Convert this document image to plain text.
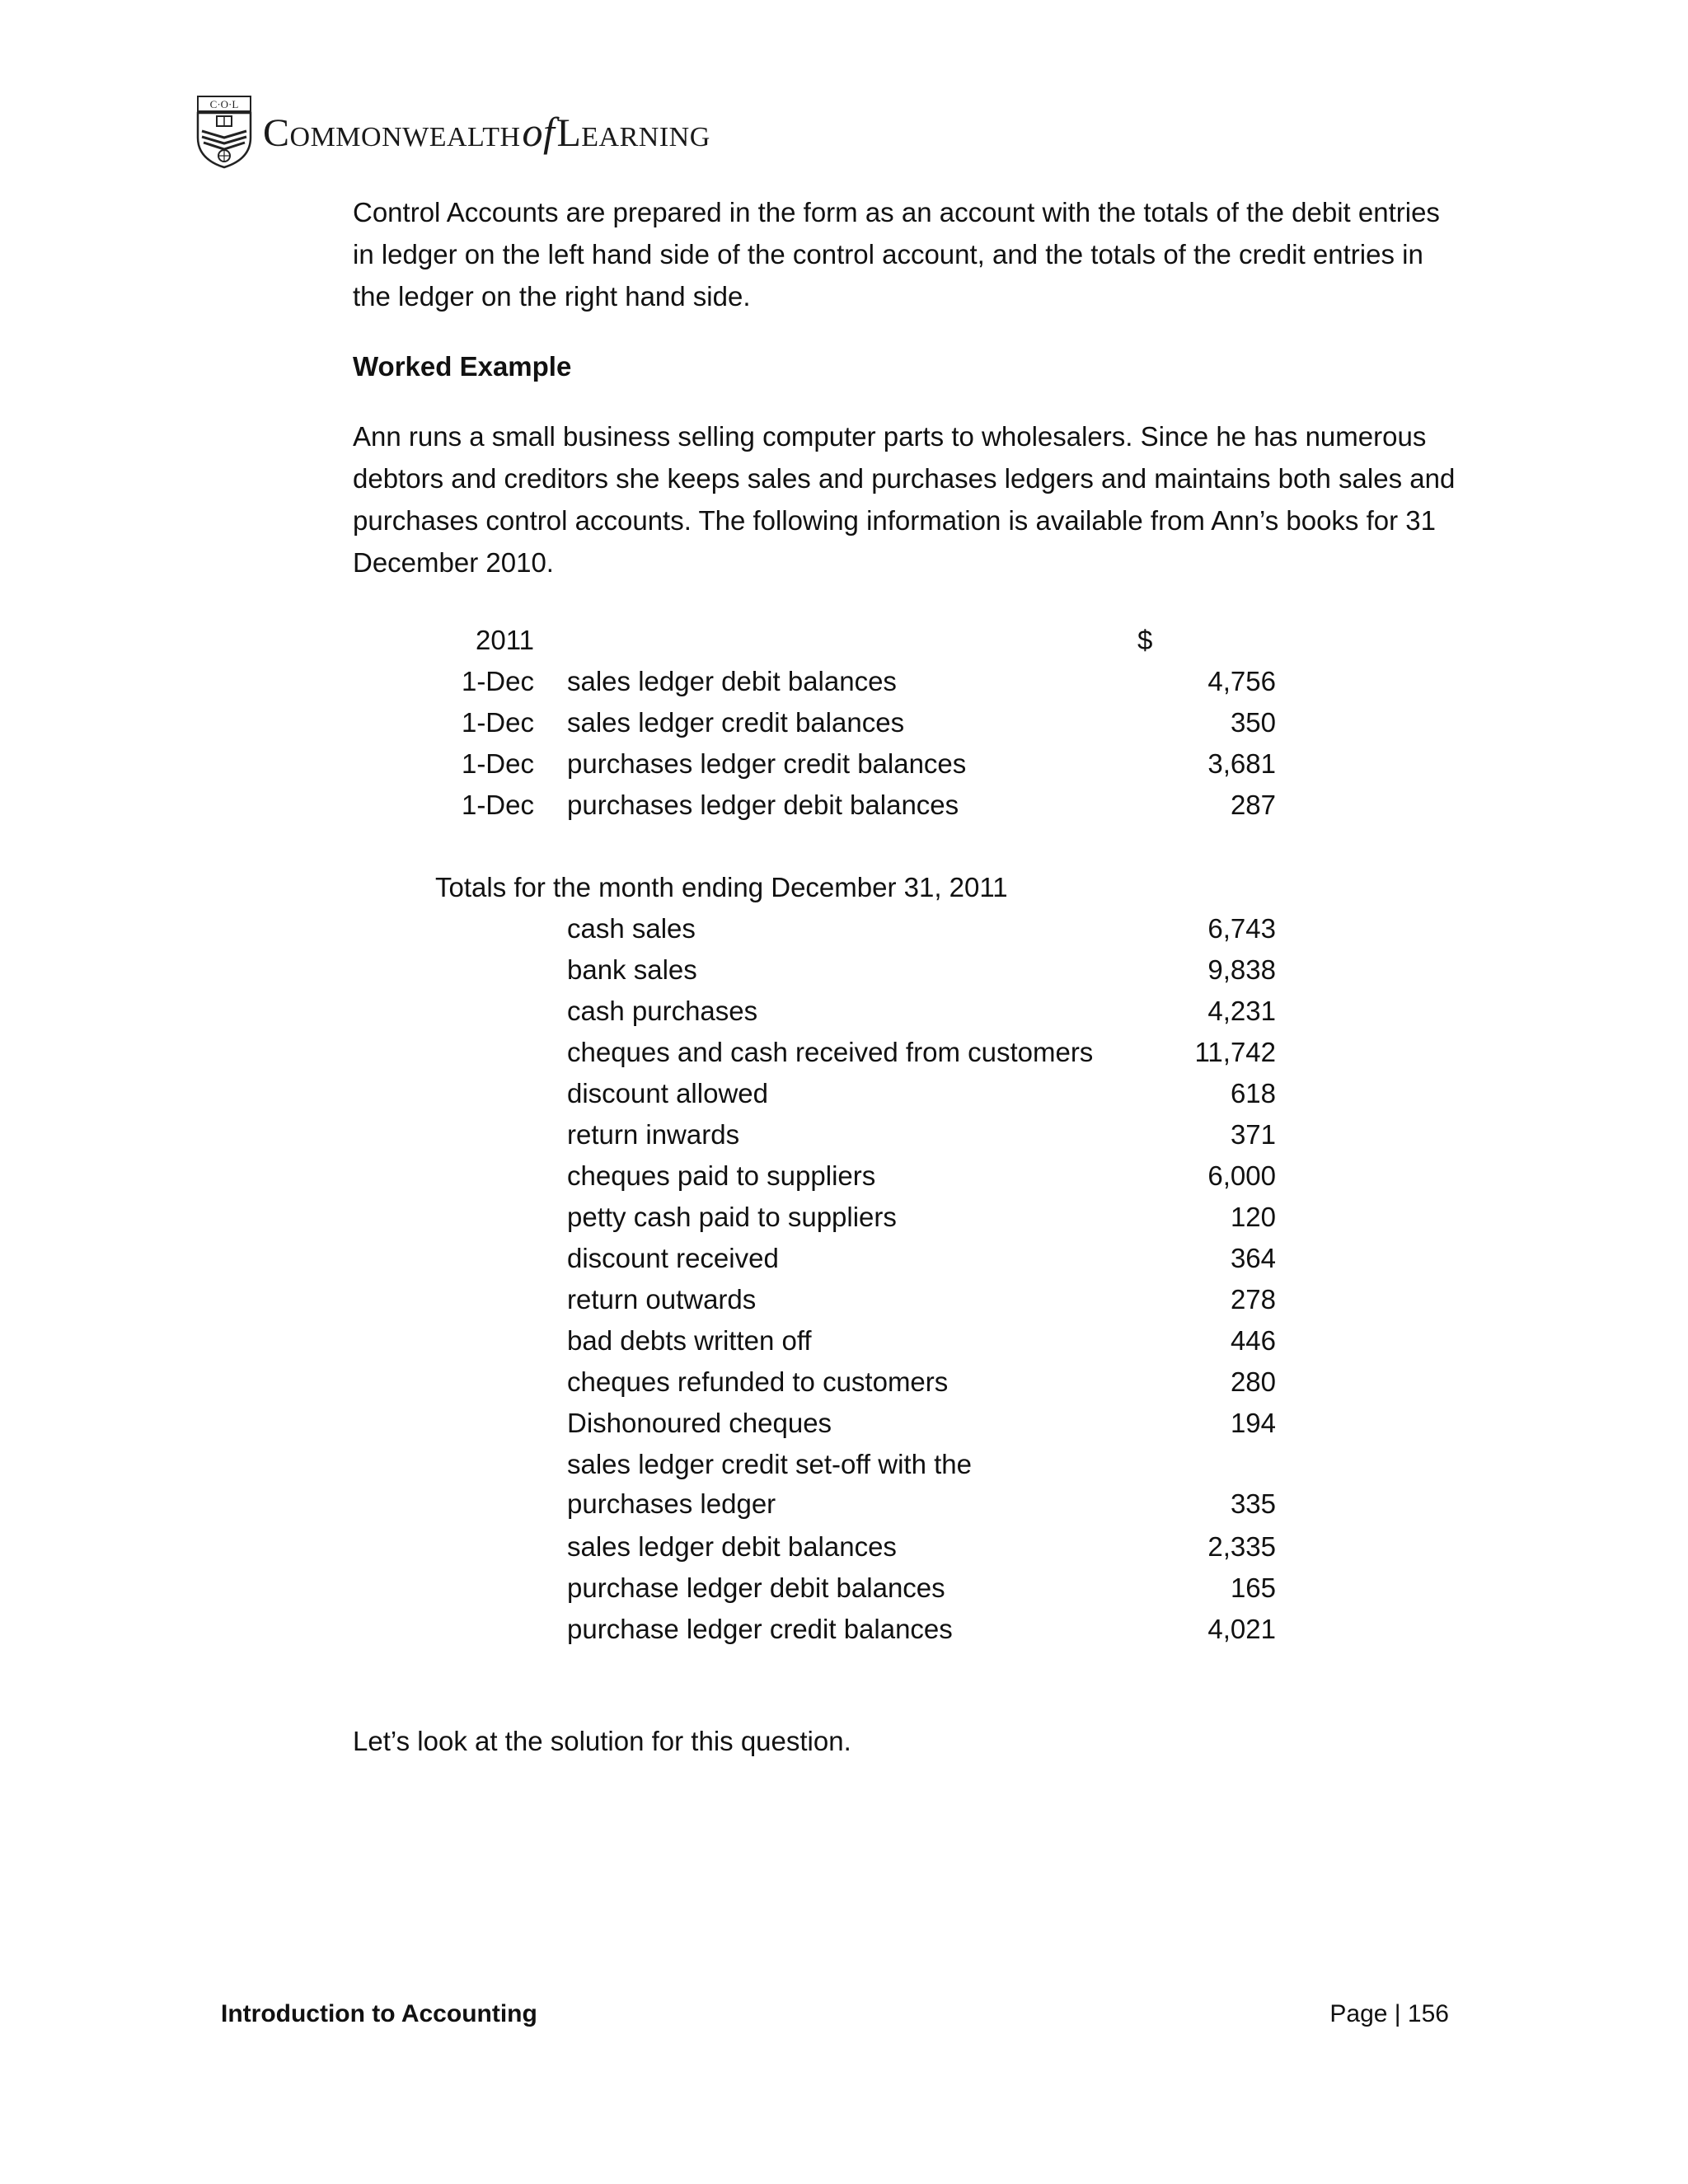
C·O·L
COMMONWEALTHofLEARNING

Control Accounts are prepared in the form as an account with the totals of the debit entries

in ledger on the left hand side of the control account, and the totals of the credit entries in

the ledger on the right hand side.

Worked Example

Ann runs a small business selling computer parts to wholesalers. Since he has numerous

debtors and creditors she keeps sales and purchases ledgers and maintains both sales and

purchases control accounts. The following information is available from Ann’s books for 31

December 2010.

2011	$
1-Dec sales ledger debit balances	4,756
1-Dec sales ledger credit balances	350
1-Dec purchases ledger credit balances	3,681
1-Dec purchases ledger debit balances	287
Totals for the month ending December 31, 2011
cash sales	6,743
bank sales	9,838
cash purchases	4,231
cheques and cash received from customers	11,742
discount allowed	618
return inwards	371
cheques paid to suppliers	6,000
petty cash paid to suppliers	120
discount received	364
return outwards	278
bad debts written off	446
cheques refunded to customers	280
Dishonoured cheques	194
sales ledger credit set-off with the
purchases ledger	335
sales ledger debit balances	2,335
purchase ledger debit balances	165
purchase ledger credit balances	4,021
Let’s look at the solution for this question.
Introduction to Accounting	Page | 156
